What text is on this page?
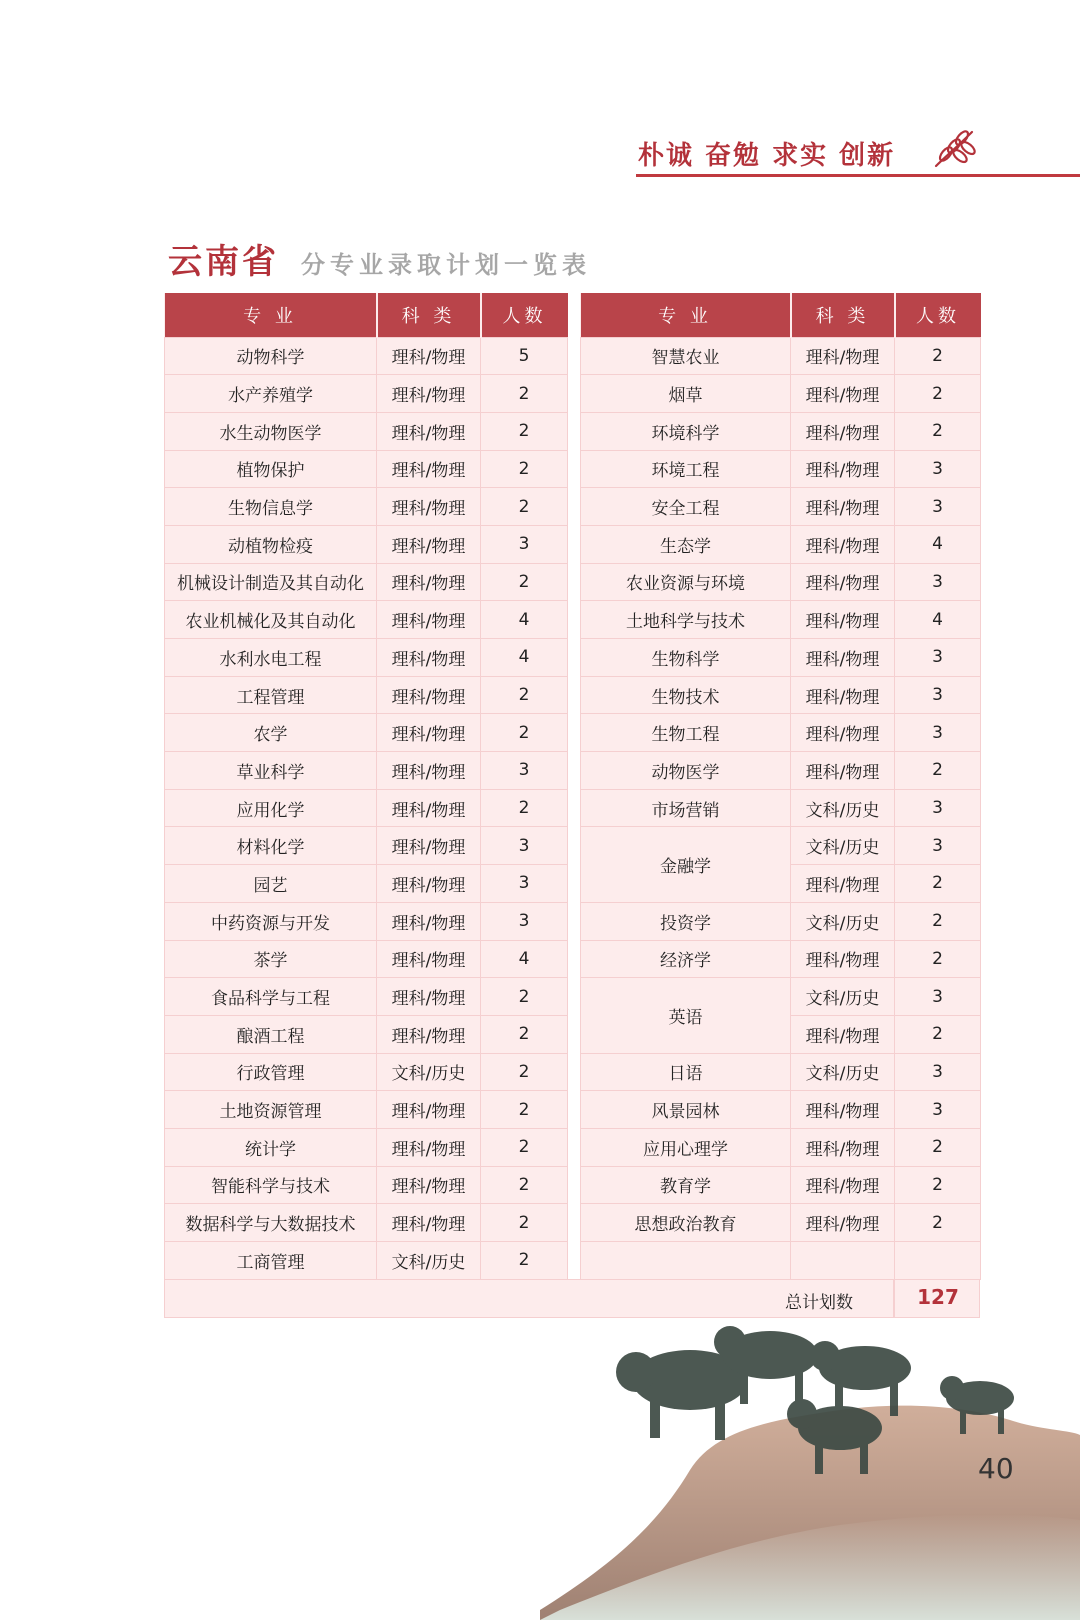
朴诚 奋勉 求实 创新
云南省 分专业录取计划一览表
专 业	科 类	人数
动物科学	理科/物理	5
水产养殖学	理科/物理	2
水生动物医学	理科/物理	2
植物保护	理科/物理	2
生物信息学	理科/物理	2
动植物检疫	理科/物理	3
机械设计制造及其自动化	理科/物理	2
农业机械化及其自动化	理科/物理	4
水利水电工程	理科/物理	4
工程管理	理科/物理	2
农学	理科/物理	2
草业科学	理科/物理	3
应用化学	理科/物理	2
材料化学	理科/物理	3
园艺	理科/物理	3
中药资源与开发	理科/物理	3
茶学	理科/物理	4
食品科学与工程	理科/物理	2
酿酒工程	理科/物理	2
行政管理	文科/历史	2
土地资源管理	理科/物理	2
统计学	理科/物理	2
智能科学与技术	理科/物理	2
数据科学与大数据技术	理科/物理	2
工商管理	文科/历史	2
专 业	科 类	人数
智慧农业	理科/物理	2
烟草	理科/物理	2
环境科学	理科/物理	2
环境工程	理科/物理	3
安全工程	理科/物理	3
生态学	理科/物理	4
农业资源与环境	理科/物理	3
土地科学与技术	理科/物理	4
生物科学	理科/物理	3
生物技术	理科/物理	3
生物工程	理科/物理	3
动物医学	理科/物理	2
市场营销	文科/历史	3
金融学	文科/历史	3
	理科/物理	2
投资学	文科/历史	2
经济学	理科/物理	2
英语	文科/历史	3
	理科/物理	2
日语	文科/历史	3
风景园林	理科/物理	3
应用心理学	理科/物理	2
教育学	理科/物理	2
思想政治教育	理科/物理	2

总计划数	127
40
